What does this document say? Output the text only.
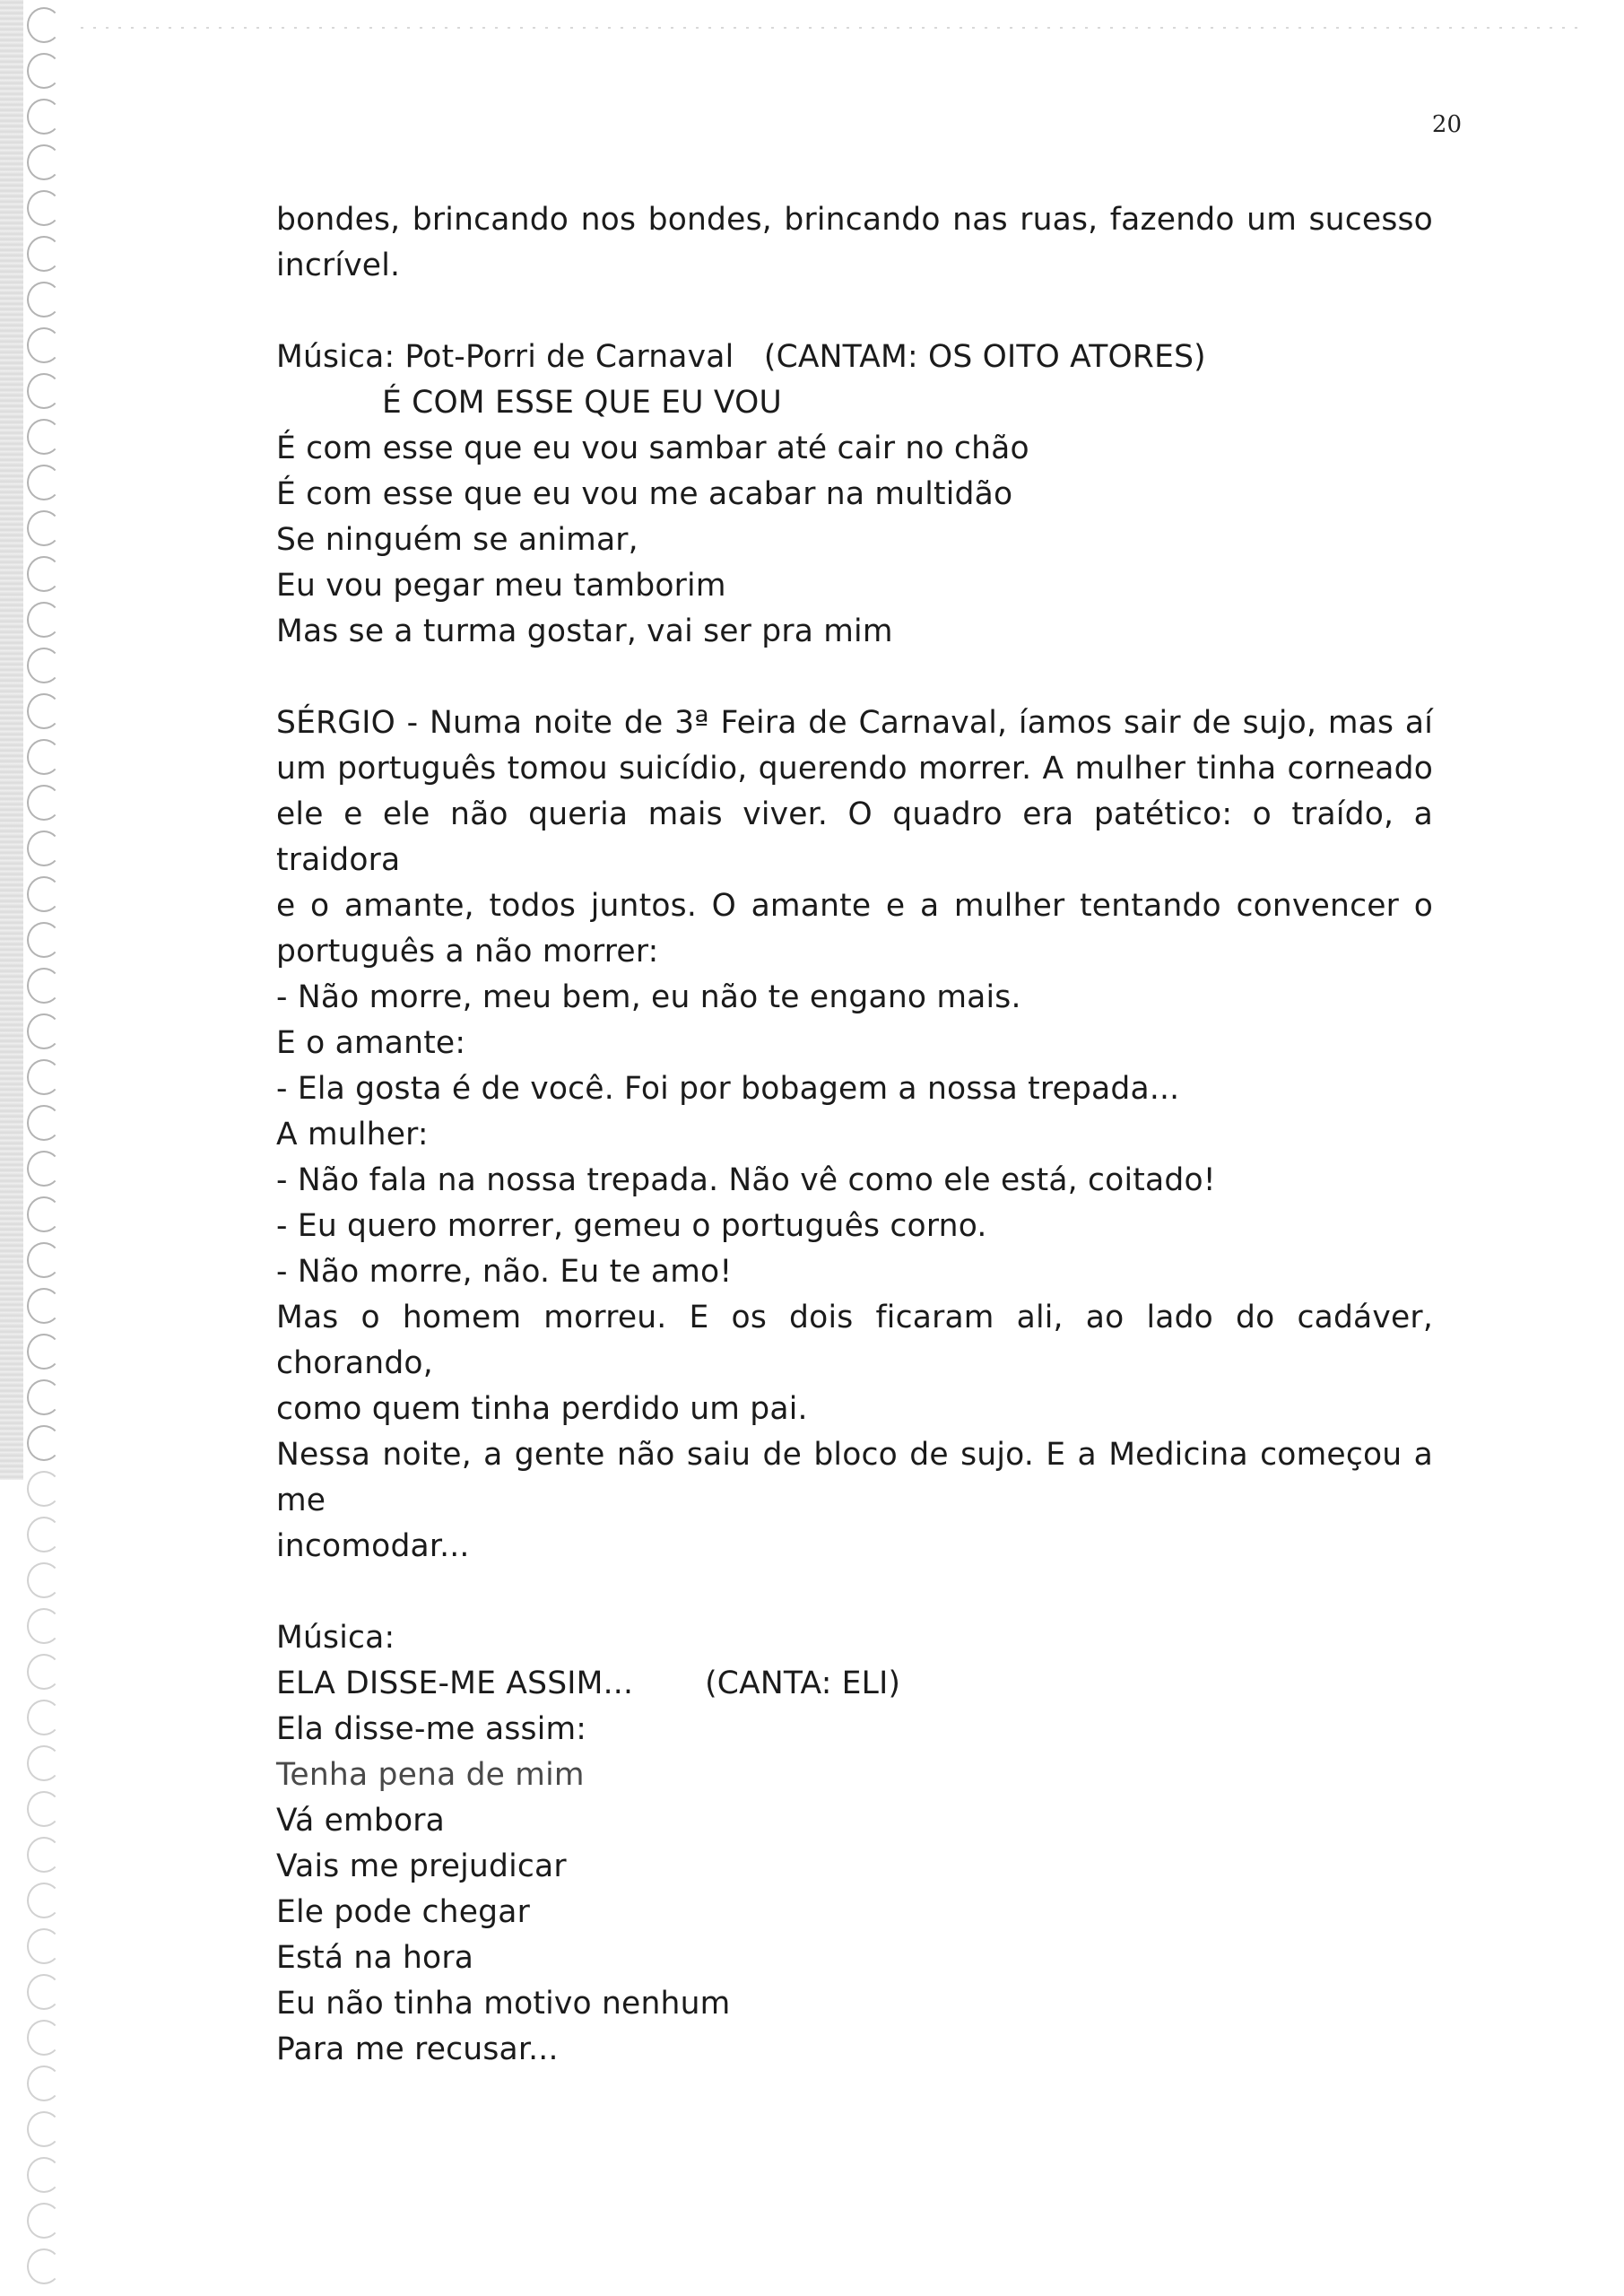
20
bondes, brincando nos bondes, brincando nas ruas, fazendo um sucesso
incrível.
Música: Pot-Porri de Carnaval (CANTAM: OS OITO ATORES)
É COM ESSE QUE EU VOU
É com esse que eu vou sambar até cair no chão
É com esse que eu vou me acabar na multidão
Se ninguém se animar,
Eu vou pegar meu tamborim
Mas se a turma gostar, vai ser pra mim
SÉRGIO - Numa noite de 3ª Feira de Carnaval, íamos sair de sujo, mas aí
um português tomou suicídio, querendo morrer. A mulher tinha corneado
ele e ele não queria mais viver. O quadro era patético: o traído, a traidora
e o amante, todos juntos. O amante e a mulher tentando convencer o
português a não morrer:
- Não morre, meu bem, eu não te engano mais.
E o amante:
- Ela gosta é de você. Foi por bobagem a nossa trepada...
A mulher:
- Não fala na nossa trepada. Não vê como ele está, coitado!
- Eu quero morrer, gemeu o português corno.
- Não morre, não. Eu te amo!
Mas o homem morreu. E os dois ficaram ali, ao lado do cadáver, chorando,
como quem tinha perdido um pai.
Nessa noite, a gente não saiu de bloco de sujo. E a Medicina começou a me
incomodar...
Música:
ELA DISSE-ME ASSIM... (CANTA: ELI)
Ela disse-me assim:
Tenha pena de mim
Vá embora
Vais me prejudicar
Ele pode chegar
Está na hora
Eu não tinha motivo nenhum
Para me recusar...
